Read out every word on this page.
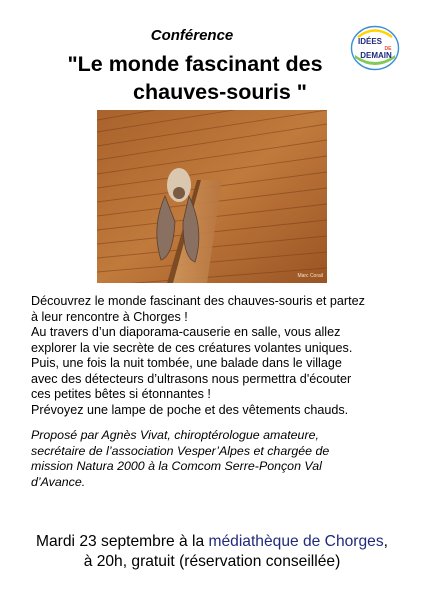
Conférence
"Le monde fascinant des
chauves-souris "
IDÉES
DE
DEMAIN
Marc Corail

Découvrez le monde fascinant des chauves-souris et partez
à leur rencontre à Chorges !
Au travers d’un diaporama-causerie en salle, vous allez
explorer la vie secrète de ces créatures volantes uniques.
Puis, une fois la nuit tombée, une balade dans le village
avec des détecteurs d’ultrasons nous permettra d'écouter
ces petites bêtes si étonnantes !
Prévoyez une lampe de poche et des vêtements chauds.

Proposé par Agnès Vivat, chiroptérologue amateure,
secrétaire de l’association Vesper’Alpes et chargée de
mission Natura 2000 à la Comcom Serre-Ponçon Val
d’Avance.

Mardi 23 septembre à la médiathèque de Chorges,
à 20h, gratuit (réservation conseillée)
